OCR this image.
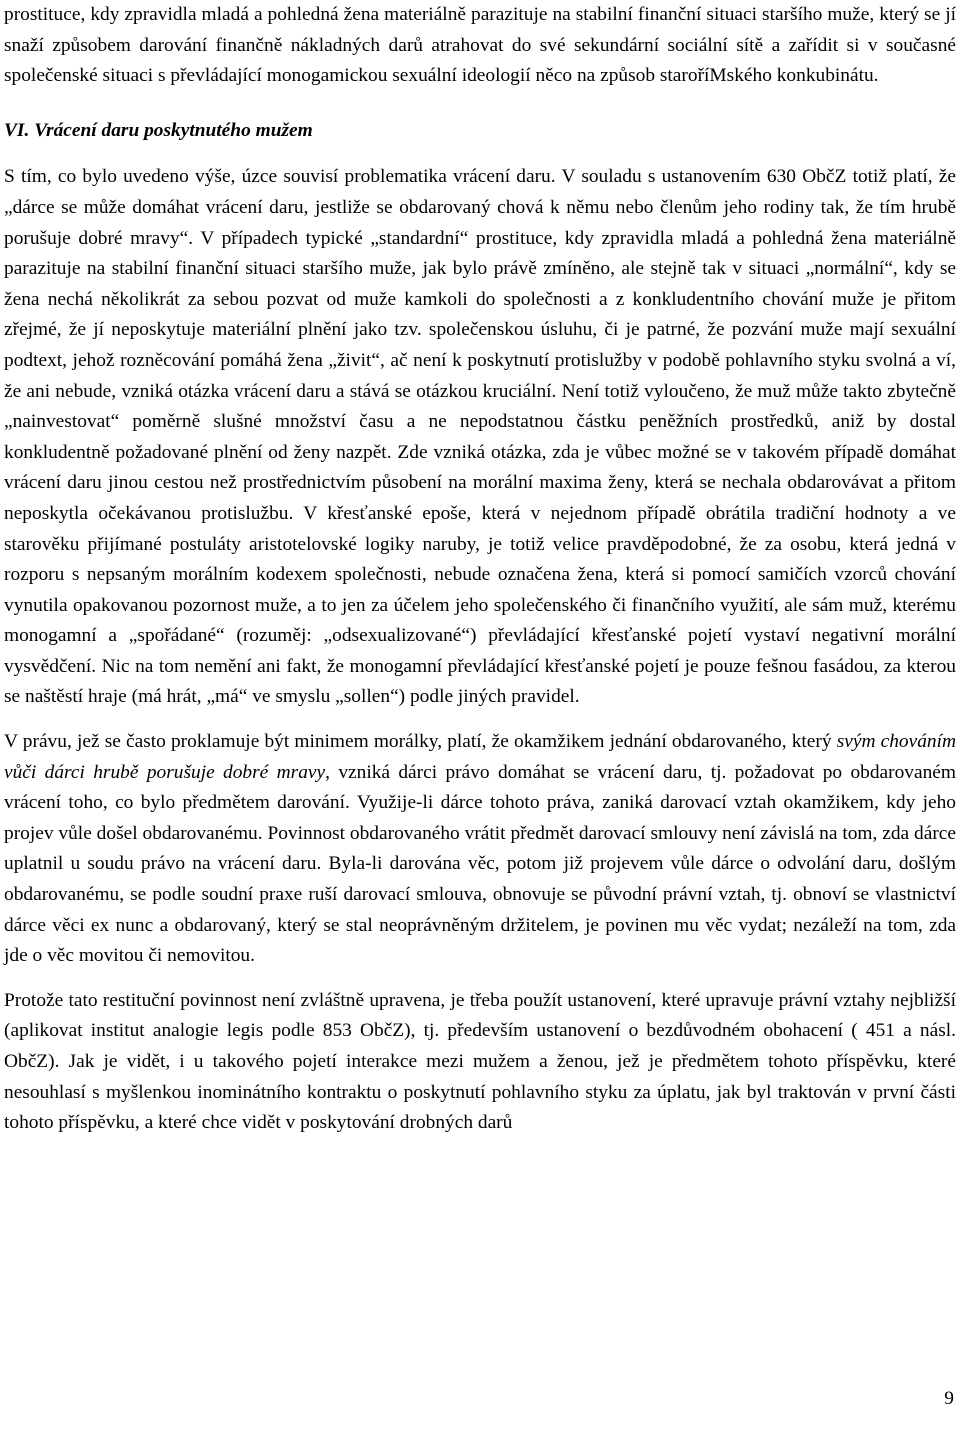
prostituce, kdy zpravidla mladá a pohledná žena materiálně parazituje na stabilní finanční situaci staršího muže, který se jí snaží způsobem darování finančně nákladných darů atrahovat do své sekundární sociální sítě a zařídit si v současné společenské situaci s převládající monogamickou sexuální ideologií něco na způsob staroříMského konkubinátu.

VI. Vrácení daru poskytnutého mužem

S tím, co bylo uvedeno výše, úzce souvisí problematika vrácení daru. V souladu s ustanovením 630 ObčZ totiž platí, že „dárce se může domáhat vrácení daru, jestliže se obdarovaný chová k němu nebo členům jeho rodiny tak, že tím hrubě porušuje dobré mravy“. V případech typické „standardní“ prostituce, kdy zpravidla mladá a pohledná žena materiálně parazituje na stabilní finanční situaci staršího muže, jak bylo právě zmíněno, ale stejně tak v situaci „normální“, kdy se žena nechá několikrát za sebou pozvat od muže kamkoli do společnosti a z konkludentního chování muže je přitom zřejmé, že jí neposkytuje materiální plnění jako tzv. společenskou úsluhu, či je patrné, že pozvání muže mají sexuální podtext, jehož rozněcování pomáhá žena „živit“, ač není k poskytnutí protislužby v podobě pohlavního styku svolná a ví, že ani nebude, vzniká otázka vrácení daru a stává se otázkou kruciální. Není totiž vyloučeno, že muž může takto zbytečně „nainvestovat“ poměrně slušné množství času a ne nepodstatnou částku peněžních prostředků, aniž by dostal konkludentně požadované plnění od ženy nazpět. Zde vzniká otázka, zda je vůbec možné se v takovém případě domáhat vrácení daru jinou cestou než prostřednictvím působení na morální maxima ženy, která se nechala obdarovávat a přitom neposkytla očekávanou protislužbu. V křesťanské epoše, která v nejednom případě obrátila tradiční hodnoty a ve starověku přijímané postuláty aristotelovské logiky naruby, je totiž velice pravděpodobné, že za osobu, která jedná v rozporu s nepsaným morálním kodexem společnosti, nebude označena žena, která si pomocí samičích vzorců chování vynutila opakovanou pozornost muže, a to jen za účelem jeho společenského či finančního využití, ale sám muž, kterému monogamní a „spořádané“ (rozuměj: „odsexualizované“) převládající křesťanské pojetí vystaví negativní morální vysvědčení. Nic na tom nemění ani fakt, že monogamní převládající křesťanské pojetí je pouze fešnou fasádou, za kterou se naštěstí hraje (má hrát, „má“ ve smyslu „sollen“) podle jiných pravidel.

V právu, jež se často proklamuje být minimem morálky, platí, že okamžikem jednání obdarovaného, který svým chováním vůči dárci hrubě porušuje dobré mravy, vzniká dárci právo domáhat se vrácení daru, tj. požadovat po obdarovaném vrácení toho, co bylo předmětem darování. Využije-li dárce tohoto práva, zaniká darovací vztah okamžikem, kdy jeho projev vůle došel obdarovanému. Povinnost obdarovaného vrátit předmět darovací smlouvy není závislá na tom, zda dárce uplatnil u soudu právo na vrácení daru. Byla-li darována věc, potom již projevem vůle dárce o odvolání daru, došlým obdarovanému, se podle soudní praxe ruší darovací smlouva, obnovuje se původní právní vztah, tj. obnoví se vlastnictví dárce věci ex nunc a obdarovaný, který se stal neoprávněným držitelem, je povinen mu věc vydat; nezáleží na tom, zda jde o věc movitou či nemovitou.

Protože tato restituční povinnost není zvláštně upravena, je třeba použít ustanovení, které upravuje právní vztahy nejbližší (aplikovat institut analogie legis podle 853 ObčZ), tj. především ustanovení o bezdůvodném obohacení ( 451 a násl. ObčZ). Jak je vidět, i u takového pojetí interakce mezi mužem a ženou, jež je předmětem tohoto příspěvku, které nesouhlasí s myšlenkou inominátního kontraktu o poskytnutí pohlavního styku za úplatu, jak byl traktován v první části tohoto příspěvku, a které chce vidět v poskytování drobných darů

9
